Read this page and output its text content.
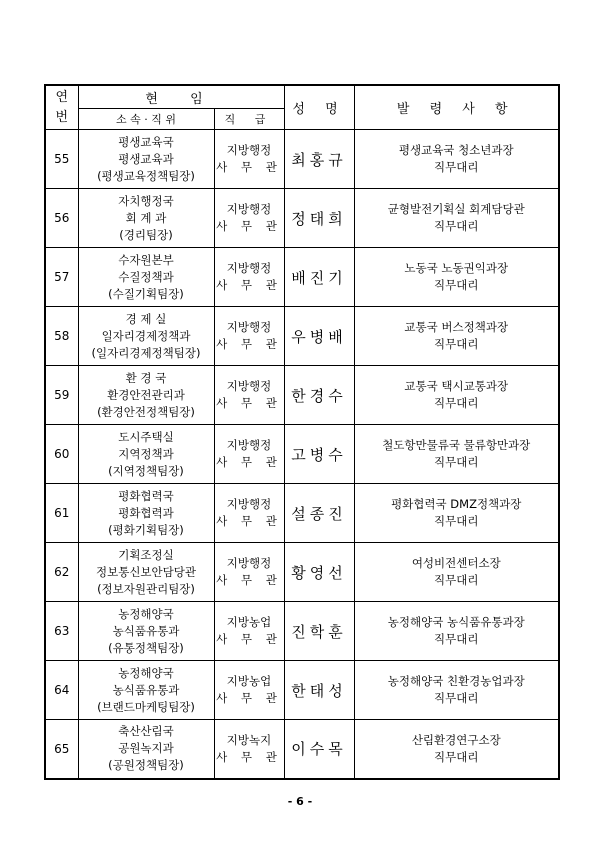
연
번	현 임		성 명	발 령 사 항
	소 속 · 직 위	직 급		
55	평생교육국
평생교육과
(평생교육정책팀장)	지방행정
사 무 관	최홍규	평생교육국 청소년과장
직무대리

56	자치행정국
회 계 과
(경리팀장)	지방행정
사 무 관	정태희	균형발전기획실 회계담당관
직무대리

57	수자원본부
수질정책과
(수질기획팀장)	지방행정
사 무 관	배진기	노동국 노동권익과장
직무대리

58	경 제 실
일자리경제정책과
(일자리경제정책팀장)	지방행정
사 무 관	우병배	교통국 버스정책과장
직무대리

59	환 경 국
환경안전관리과
(환경안전정책팀장)	지방행정
사 무 관	한경수	교통국 택시교통과장
직무대리

60	도시주택실
지역정책과
(지역정책팀장)	지방행정
사 무 관	고병수	철도항만물류국 물류항만과장
직무대리

61	평화협력국
평화협력과
(평화기획팀장)	지방행정
사 무 관	설종진	평화협력국 DMZ정책과장
직무대리

62	기획조정실
정보통신보안담당관
(정보자원관리팀장)	지방행정
사 무 관	황영선	여성비전센터소장
직무대리

63	농정해양국
농식품유통과
(유통정책팀장)	지방농업
사 무 관	진학훈	농정해양국 농식품유통과장
직무대리

64	농정해양국
농식품유통과
(브랜드마케팅팀장)	지방농업
사 무 관	한태성	농정해양국 친환경농업과장
직무대리

65	축산산림국
공원녹지과
(공원정책팀장)	지방녹지
사 무 관	이수목	산림환경연구소장
직무대리
- 6 -
